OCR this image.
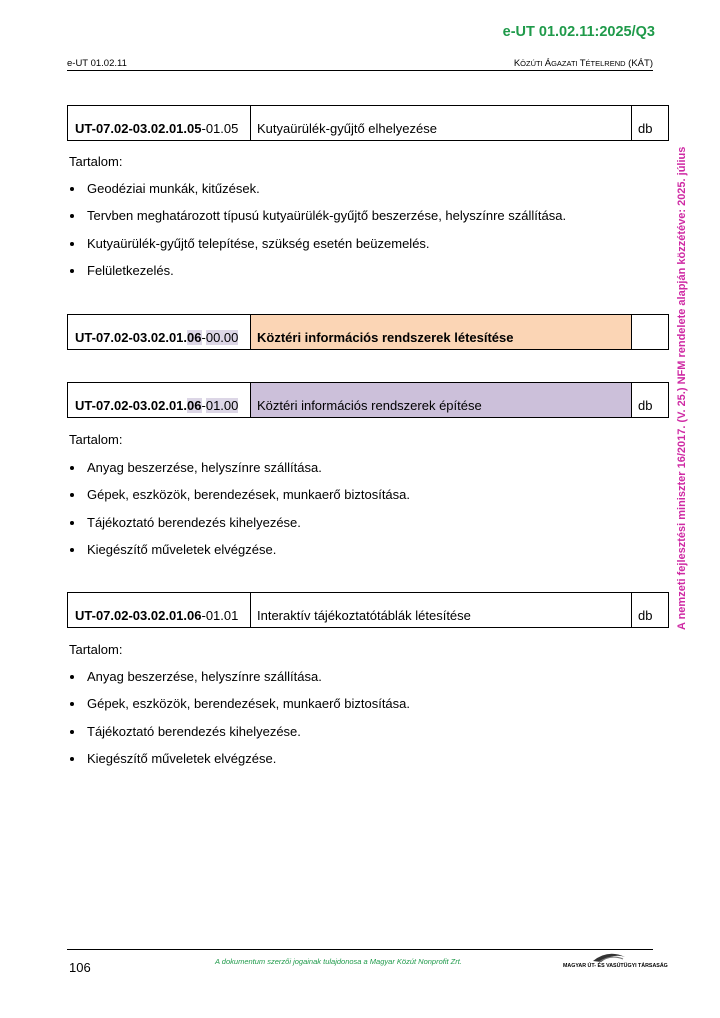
e-UT 01.02.11:2025/Q3
e-UT 01.02.11	KÖZÚTI ÁGAZATI TÉTELREND (KÁT)
UT-07.02-03.02.01.05-01.05	Kutyaürülék-gyűjtő elhelyezése	db
Tartalom:
Geodéziai munkák, kitűzések.
Tervben meghatározott típusú kutyaürülék-gyűjtő beszerzése, helyszínre szállítása.
Kutyaürülék-gyűjtő telepítése, szükség esetén beüzemelés.
Felületkezelés.
UT-07.02-03.02.01.06-00.00	Köztéri információs rendszerek létesítése
UT-07.02-03.02.01.06-01.00	Köztéri információs rendszerek építése	db
Tartalom:
Anyag beszerzése, helyszínre szállítása.
Gépek, eszközök, berendezések, munkaerő biztosítása.
Tájékoztató berendezés kihelyezése.
Kiegészítő műveletek elvégzése.
UT-07.02-03.02.01.06-01.01	Interaktív tájékoztatótáblák létesítése	db
Tartalom:
Anyag beszerzése, helyszínre szállítása.
Gépek, eszközök, berendezések, munkaerő biztosítása.
Tájékoztató berendezés kihelyezése.
Kiegészítő műveletek elvégzése.
A nemzeti fejlesztési miniszter 16/2017. (V. 25.) NFM rendelete alapján közzétéve: 2025. július
106	A dokumentum szerzői jogainak tulajdonosa a Magyar Közút Nonprofit Zrt.	MAGYAR ÚT- ÉS VASÚTÜGYI TÁRSASÁG
